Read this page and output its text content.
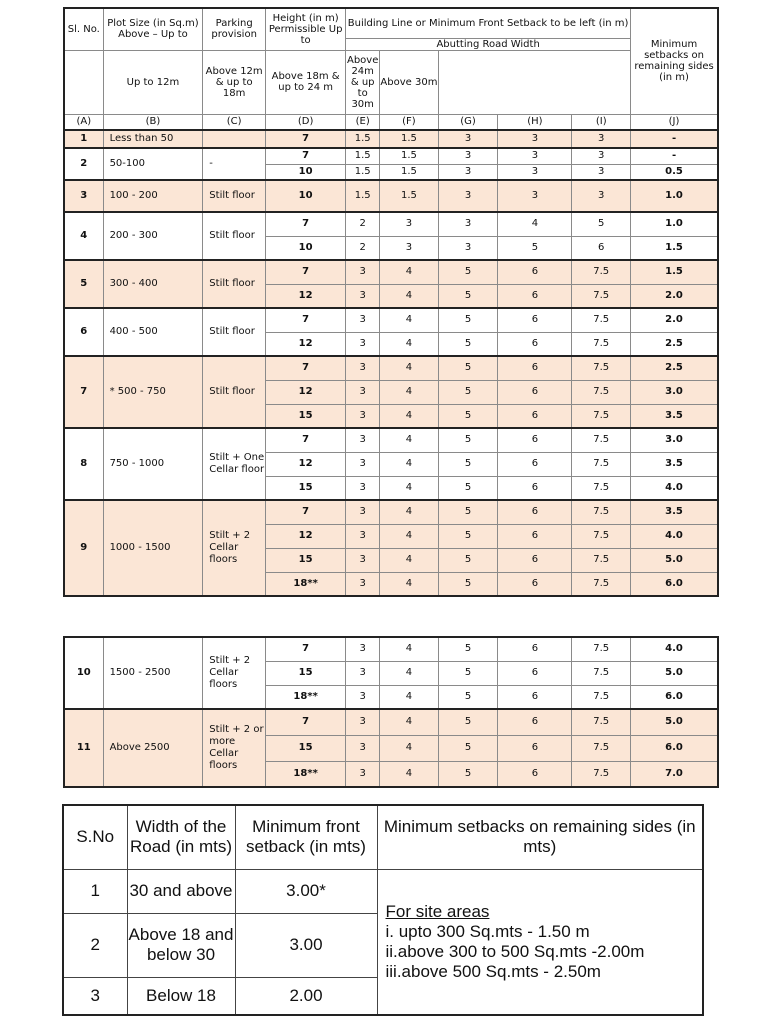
Sl. No.	Plot Size (in Sq.m) Above – Up to	Parking provision	Height (in m) Permissible Up to	Building Line or Minimum Front Setback to be left (in m)					Minimum setbacks on remaining sides (in m)
				Abutting Road Width					
	Up to 12m	Above 12m & up to 18m	Above 18m & up to 24 m	Above 24m & up to 30m	Above 30m				
(A)	(B)	(C)	(D)	(E)	(F)	(G)	(H)	(I)	(J)
1	Less than 50		7	1.5	1.5	3	3	3	-
2	50-100	-	7	1.5	1.5	3	3	3	-
			10	1.5	1.5	3	3	3	0.5
3	100 - 200	Stilt floor	10	1.5	1.5	3	3	3	1.0
4	200 - 300	Stilt floor	7	2	3	3	4	5	1.0
			10	2	3	3	5	6	1.5
5	300 - 400	Stilt floor	7	3	4	5	6	7.5	1.5
			12	3	4	5	6	7.5	2.0
6	400 - 500	Stilt floor	7	3	4	5	6	7.5	2.0
			12	3	4	5	6	7.5	2.5
7	* 500 - 750	Stilt floor	7	3	4	5	6	7.5	2.5
			12	3	4	5	6	7.5	3.0
			15	3	4	5	6	7.5	3.5
8	750 - 1000	Stilt + One Cellar floor	7	3	4	5	6	7.5	3.0
			12	3	4	5	6	7.5	3.5
			15	3	4	5	6	7.5	4.0
9	1000 - 1500	Stilt + 2 Cellar floors	7	3	4	5	6	7.5	3.5
			12	3	4	5	6	7.5	4.0
			15	3	4	5	6	7.5	5.0
			18**	3	4	5	6	7.5	6.0
10	1500 - 2500	Stilt + 2 Cellar floors	7	3	4	5	6	7.5	4.0
			15	3	4	5	6	7.5	5.0
			18**	3	4	5	6	7.5	6.0
11	Above 2500	Stilt + 2 or more Cellar floors	7	3	4	5	6	7.5	5.0
			15	3	4	5	6	7.5	6.0
			18**	3	4	5	6	7.5	7.0
S.No	Width of the Road (in mts)	Minimum front setback (in mts)	Minimum setbacks on remaining sides (in mts)
1	30 and above	3.00*	For site areas
i. upto 300 Sq.mts - 1.50 m
ii.above 300 to 500 Sq.mts -2.00m
iii.above 500 Sq.mts - 2.50m

2	Above 18 and below 30	3.00	
3	Below 18	2.00	
